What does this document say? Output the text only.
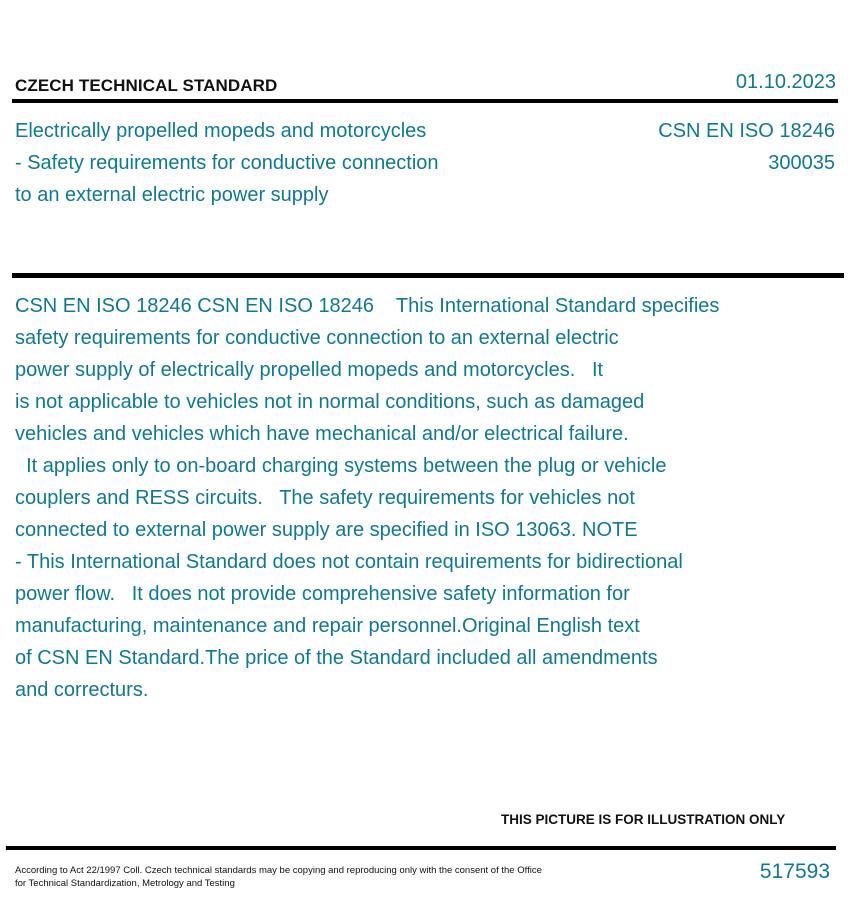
CZECH TECHNICAL STANDARD	01.10.2023
Electrically propelled mopeds and motorcycles
- Safety requirements for conductive connection
to an external electric power supply
CSN EN ISO 18246
300035
CSN EN ISO 18246 CSN EN ISO 18246    This International Standard specifies
safety requirements for conductive connection to an external electric
power supply of electrically propelled mopeds and motorcycles.   It
is not applicable to vehicles not in normal conditions, such as damaged
vehicles and vehicles which have mechanical and/or electrical failure.
It applies only to on-board charging systems between the plug or vehicle
couplers and RESS circuits.   The safety requirements for vehicles not
connected to external power supply are specified in ISO 13063. NOTE
- This International Standard does not contain requirements for bidirectional
power flow.   It does not provide comprehensive safety information for
manufacturing, maintenance and repair personnel.Original English text
of CSN EN Standard.The price of the Standard included all amendments
and correcturs.
THIS PICTURE IS FOR ILLUSTRATION ONLY
According to Act 22/1997 Coll. Czech technical standards may be copying and reproducing only with the consent of the Office
for Technical Standardization, Metrology and Testing
517593
